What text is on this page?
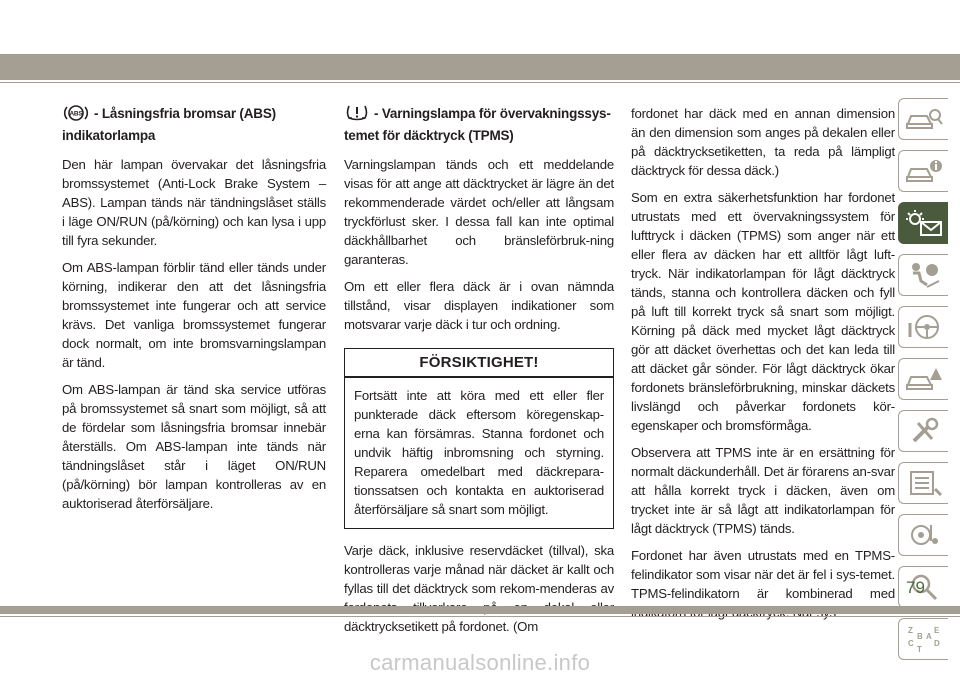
ABS - Låsningsfria bromsar (ABS) indikatorlampa

Den här lampan övervakar det låsningsfria bromssystemet (Anti-Lock Brake System – ABS). Lampan tänds när tändningslåset ställs i läge ON/RUN (på/körning) och kan lysa i upp till fyra sekunder.

Om ABS-lampan förblir tänd eller tänds under körning, indikerar den att det låsningsfria bromssystemet inte fungerar och att service krävs. Det vanliga bromssystemet fungerar dock normalt, om inte bromsvarningslampan är tänd.

Om ABS-lampan är tänd ska service utföras på bromssystemet så snart som möjligt, så att de fördelar som låsningsfria bromsar innebär återställs. Om ABS-lampan inte tänds när tändningslåset står i läget ON/RUN (på/körning) bör lampan kontrolleras av en auktoriserad återförsäljare.

- Varningslampa för övervakningssys-temet för däcktryck (TPMS)

Varningslampan tänds och ett meddelande visas för att ange att däcktrycket är lägre än det rekommenderade värdet och/eller att långsam tryckförlust sker. I dessa fall kan inte optimal däckhållbarhet och bränsleförbruk-ning garanteras.

Om ett eller flera däck är i ovan nämnda tillstånd, visar displayen indikationer som motsvarar varje däck i tur och ordning.

FÖRSIKTIGHET!
Fortsätt inte att köra med ett eller fler punkterade däck eftersom köregenskap-erna kan försämras. Stanna fordonet och undvik häftig inbromsning och styrning. Reparera omedelbart med däckrepara-tionssatsen och kontakta en auktoriserad återförsäljare så snart som möjligt.

Varje däck, inklusive reservdäcket (tillval), ska kontrolleras varje månad när däcket är kallt och fyllas till det däcktryck som rekom-menderas av däcktrycksetikett på fordonet. (Om

fordonet har däck med en annan dimension än den dimension som anges på dekalen eller på däcktrycksetiketten, ta reda på lämpligt däcktryck för dessa däck.)

Som en extra säkerhetsfunktion har fordonet utrustats med ett övervakningssystem för lufttryck i däcken (TPMS) som anger när ett eller flera av däcken har ett alltför lågt luft-tryck. När indikatorlampan för lågt däcktryck tänds, stanna och kontrollera däcken och fyll på luft till korrekt tryck så snart som möjligt. Körning på däck med mycket lågt däcktryck gör att däcket överhettas och det kan leda till att däcket går sönder. För lågt däcktryck ökar fordonets bränsleförbrukning, minskar däckets livslängd och påverkar fordonets kör-egenskaper och bromsförmåga.

Observera att TPMS inte är en ersättning för normalt däckunderhåll. Det är förarens an-svar att hålla korrekt tryck i däcken, även om trycket inte är så lågt att indikatorlampan för lågt däcktryck (TPMS) tänds.

Fordonet har även utrustats med en TPMS-felindikator som visar när det är fel i sys-temet. TPMS-felindikatorn är kombinerad med

Z	E
B A
C	D
T
79
carmanualsonline.info
